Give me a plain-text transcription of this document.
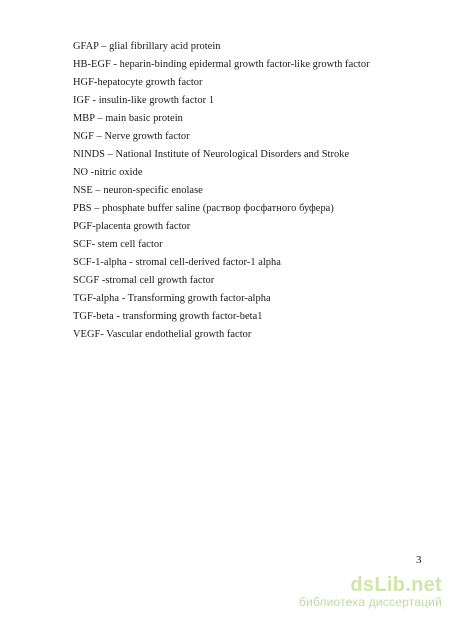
GFAP – glial fibrillary acid protein
HB-EGF - heparin-binding epidermal growth factor-like growth factor
HGF-hepatocyte growth factor
IGF - insulin-like growth factor 1
MBP – main basic protein
NGF – Nerve growth factor
NINDS – National Institute of Neurological Disorders and Stroke
NO -nitric oxide
NSE – neuron-specific enolase
PBS – phosphate buffer saline (раствор фосфатного буфера)
PGF-placenta growth factor
SCF- stem cell factor
SCF-1-alpha - stromal cell-derived factor-1 alpha
SCGF -stromal cell growth factor
TGF-alpha - Transforming growth factor-alpha
TGF-beta - transforming growth factor-beta1
VEGF- Vascular endothelial growth factor
3
dsLib.net
библиотека диссертаций
